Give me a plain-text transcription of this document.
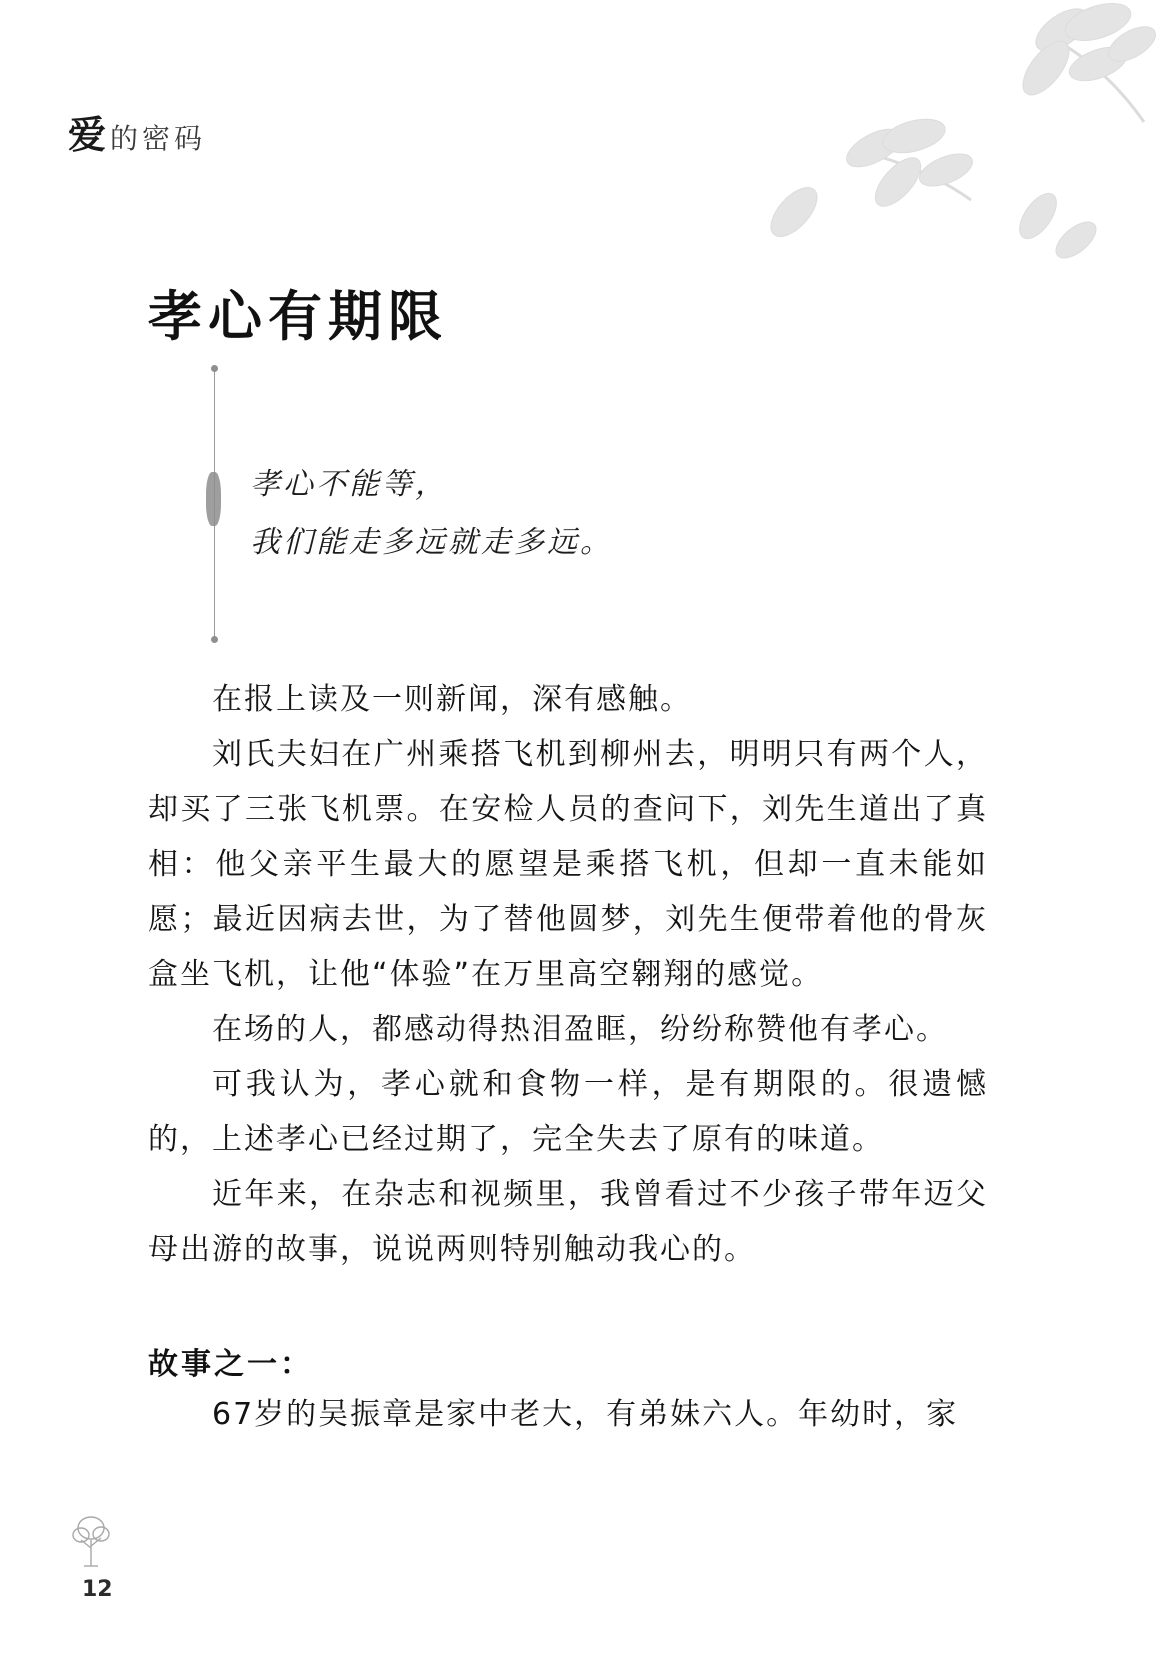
爱 的密码
孝心有期限
孝心不能等，
我们能走多远就走多远。

在报上读及一则新闻，深有感触。

刘氏夫妇在广州乘搭飞机到柳州去，明明只有两个人，却买了三张飞机票。在安检人员的查问下，刘先生道出了真相：他父亲平生最大的愿望是乘搭飞机，但却一直未能如愿；最近因病去世，为了替他圆梦，刘先生便带着他的骨灰盒坐飞机，让他“体验”在万里高空翱翔的感觉。

在场的人，都感动得热泪盈眶，纷纷称赞他有孝心。

可我认为，孝心就和食物一样，是有期限的。很遗憾的，上述孝心已经过期了，完全失去了原有的味道。

近年来，在杂志和视频里，我曾看过不少孩子带年迈父母出游的故事，说说两则特别触动我心的。

故事之一：

67岁的吴振章是家中老大，有弟妹六人。年幼时，家

12
